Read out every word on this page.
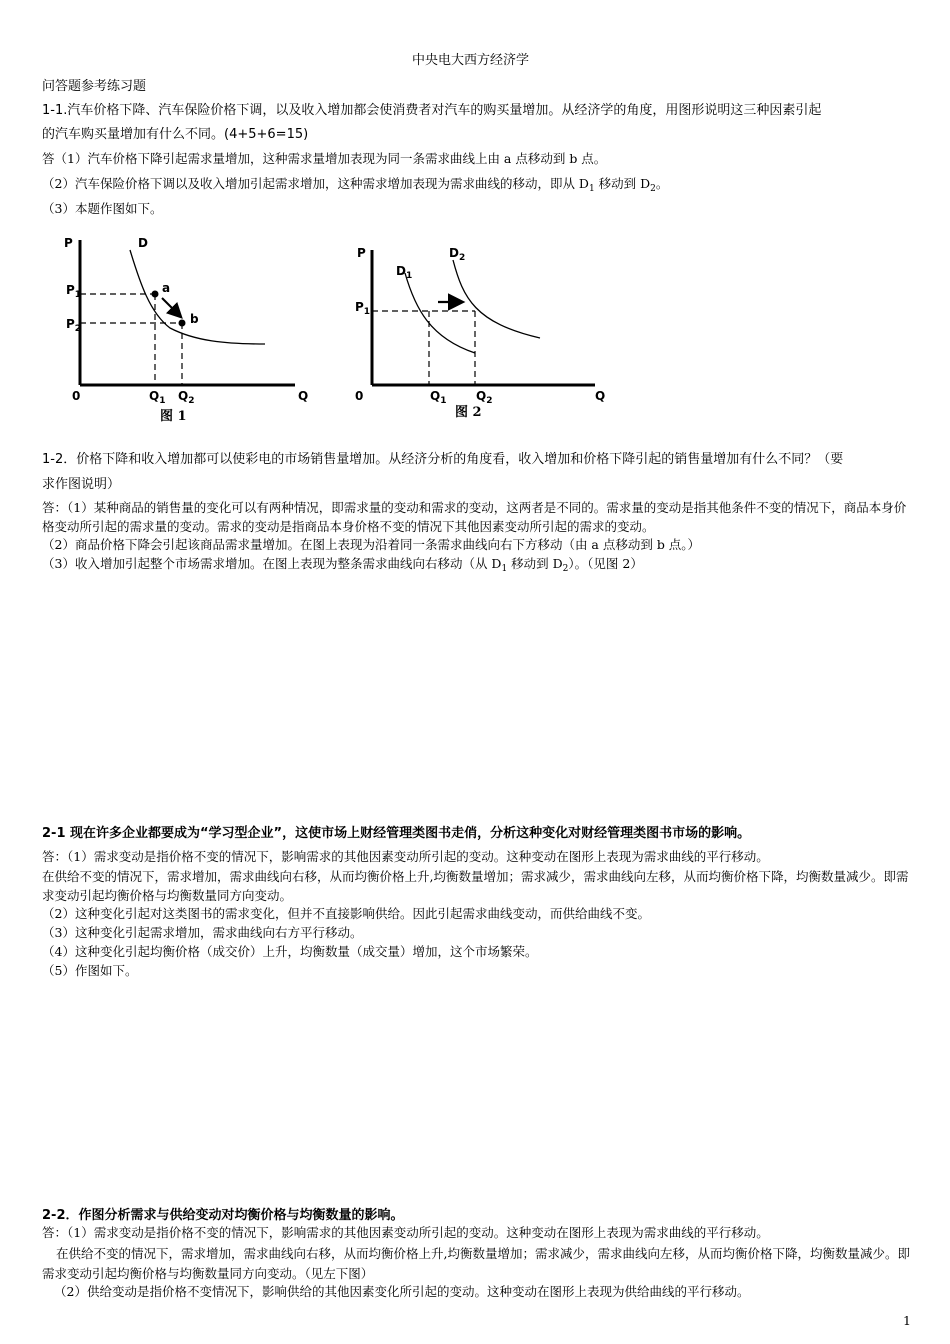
中央电大西方经济学
问答题参考练习题
1-1.汽车价格下降、汽车保险价格下调，以及收入增加都会使消费者对汽车的购买量增加。从经济学的角度，用图形说明这三种因素引起
的汽车购买量增加有什么不同。(4+5+6=15)
答（1）汽车价格下降引起需求量增加，这种需求量增加表现为同一条需求曲线上由 a 点移动到 b 点。
（2）汽车保险价格下调以及收入增加引起需求增加，这种需求增加表现为需求曲线的移动，即从 $D_1$ 移动到 $D_2$。
（3）本题作图如下。
P	D
$P_1$
$P_2$
a
b
0	$Q_1$ $Q_2$	Q
图 1
P	$D_2$
$D_1$
$P_1$
0	$Q_1$ $Q_2$	Q
图 2
1-2．价格下降和收入增加都可以使彩电的市场销售量增加。从经济分析的角度看，收入增加和价格下降引起的销售量增加有什么不同？（要
求作图说明）
答：（1）某种商品的销售量的变化可以有两种情况，即需求量的变动和需求的变动，这两者是不同的。需求量的变动是指其他条件不变的情况下，商品本身价格变动所引起的需求量的变动。需求的变动是指商品本身价格不变的情况下其他因素变动所引起的需求的变动。
（2）商品价格下降会引起该商品需求量增加。在图上表现为沿着同一条需求曲线向右下方移动（由 a 点移动到 b 点。）
（3）收入增加引起整个市场需求增加。在图上表现为整条需求曲线向右移动（从 $D_1$ 移动到 $D_2$）。（见图 2）
2-1 现在许多企业都要成为“学习型企业”，这使市场上财经管理类图书走俏，分析这种变化对财经管理类图书市场的影响。
答：（1）需求变动是指价格不变的情况下，影响需求的其他因素变动所引起的变动。这种变动在图形上表现为需求曲线的平行移动。
在供给不变的情况下，需求增加，需求曲线向右移，从而均衡价格上升,均衡数量增加；需求减少，需求曲线向左移，从而均衡价格下降，均衡数量减少。即需求变动引起均衡价格与均衡数量同方向变动。
（2）这种变化引起对这类图书的需求变化，但并不直接影响供给。因此引起需求曲线变动，而供给曲线不变。
（3）这种变化引起需求增加，需求曲线向右方平行移动。
（4）这种变化引起均衡价格（成交价）上升，均衡数量（成交量）增加，这个市场繁荣。
（5）作图如下。
2-2．作图分析需求与供给变动对均衡价格与均衡数量的影响。
答：（1）需求变动是指价格不变的情况下，影响需求的其他因素变动所引起的变动。这种变动在图形上表现为需求曲线的平行移动。
在供给不变的情况下，需求增加，需求曲线向右移，从而均衡价格上升,均衡数量增加；需求减少，需求曲线向左移，从而均衡价格下降，均衡数量减少。即需求变动引起均衡价格与均衡数量同方向变动。（见左下图）
（2）供给变动是指价格不变情况下，影响供给的其他因素变化所引起的变动。这种变动在图形上表现为供给曲线的平行移动。
1
